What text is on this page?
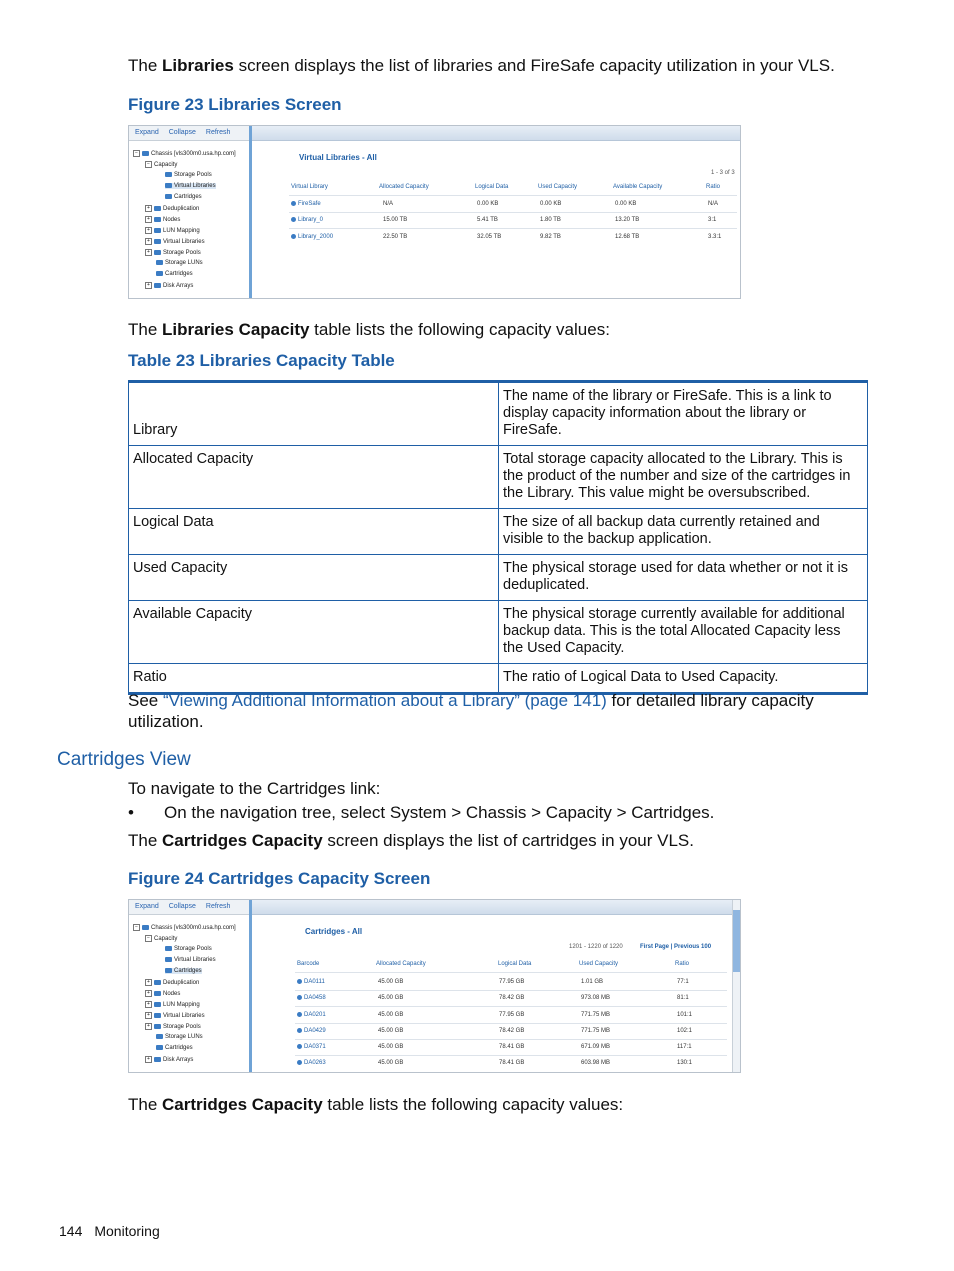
The Libraries screen displays the list of libraries and FireSafe capacity utilization in your VLS.
Figure 23 Libraries Screen
Expand Collapse Refresh
− Chassis [vls300m0.usa.hp.com]
− Capacity
Storage Pools
Virtual Libraries
Cartridges
+ Deduplication
+ Nodes
+ LUN Mapping
+ Virtual Libraries
+ Storage Pools
Storage LUNs
Cartridges
+ Disk Arrays
Virtual Libraries - All
1 - 3 of 3
Virtual Library	Allocated Capacity	Logical Data	Used Capacity	Available Capacity	Ratio
FireSafe	N/A	0.00 KB	0.00 KB	0.00 KB	N/A
Library_0	15.00 TB	5.41 TB	1.80 TB	13.20 TB	3:1
Library_2000	22.50 TB	32.05 TB	9.82 TB	12.68 TB	3.3:1
The Libraries Capacity table lists the following capacity values:
Table 23 Libraries Capacity Table
Library	The name of the library or FireSafe. This is a link to display capacity information about the library or FireSafe.
Allocated Capacity	Total storage capacity allocated to the Library. This is the product of the number and size of the cartridges in the Library. This value might be oversubscribed.
Logical Data	The size of all backup data currently retained and visible to the backup application.
Used Capacity	The physical storage used for data whether or not it is deduplicated.
Available Capacity	The physical storage currently available for additional backup data. This is the total Allocated Capacity less the Used Capacity.
Ratio	The ratio of Logical Data to Used Capacity.
See “Viewing Additional Information about a Library” (page 141) for detailed library capacity
utilization.
Cartridges View
To navigate to the Cartridges link:
• On the navigation tree, select System > Chassis > Capacity > Cartridges.
The Cartridges Capacity screen displays the list of cartridges in your VLS.
Figure 24 Cartridges Capacity Screen
Expand Collapse Refresh
− Chassis [vls300m0.usa.hp.com]
− Capacity
Storage Pools
Virtual Libraries
Cartridges
+ Deduplication
+ Nodes
+ LUN Mapping
+ Virtual Libraries
+ Storage Pools
Storage LUNs
Cartridges
+ Disk Arrays
Cartridges - All
1201 - 1220 of 1220	First Page | Previous 100
Barcode	Allocated Capacity	Logical Data	Used Capacity	Ratio
DA0111	45.00 GB	77.95 GB	1.01 GB	77:1
DA0458	45.00 GB	78.42 GB	973.08 MB	81:1
DA0201	45.00 GB	77.95 GB	771.75 MB	101:1
DA0429	45.00 GB	78.42 GB	771.75 MB	102:1
DA0371	45.00 GB	78.41 GB	671.09 MB	117:1
DA0263	45.00 GB	78.41 GB	603.98 MB	130:1
The Cartridges Capacity table lists the following capacity values:
144 Monitoring
